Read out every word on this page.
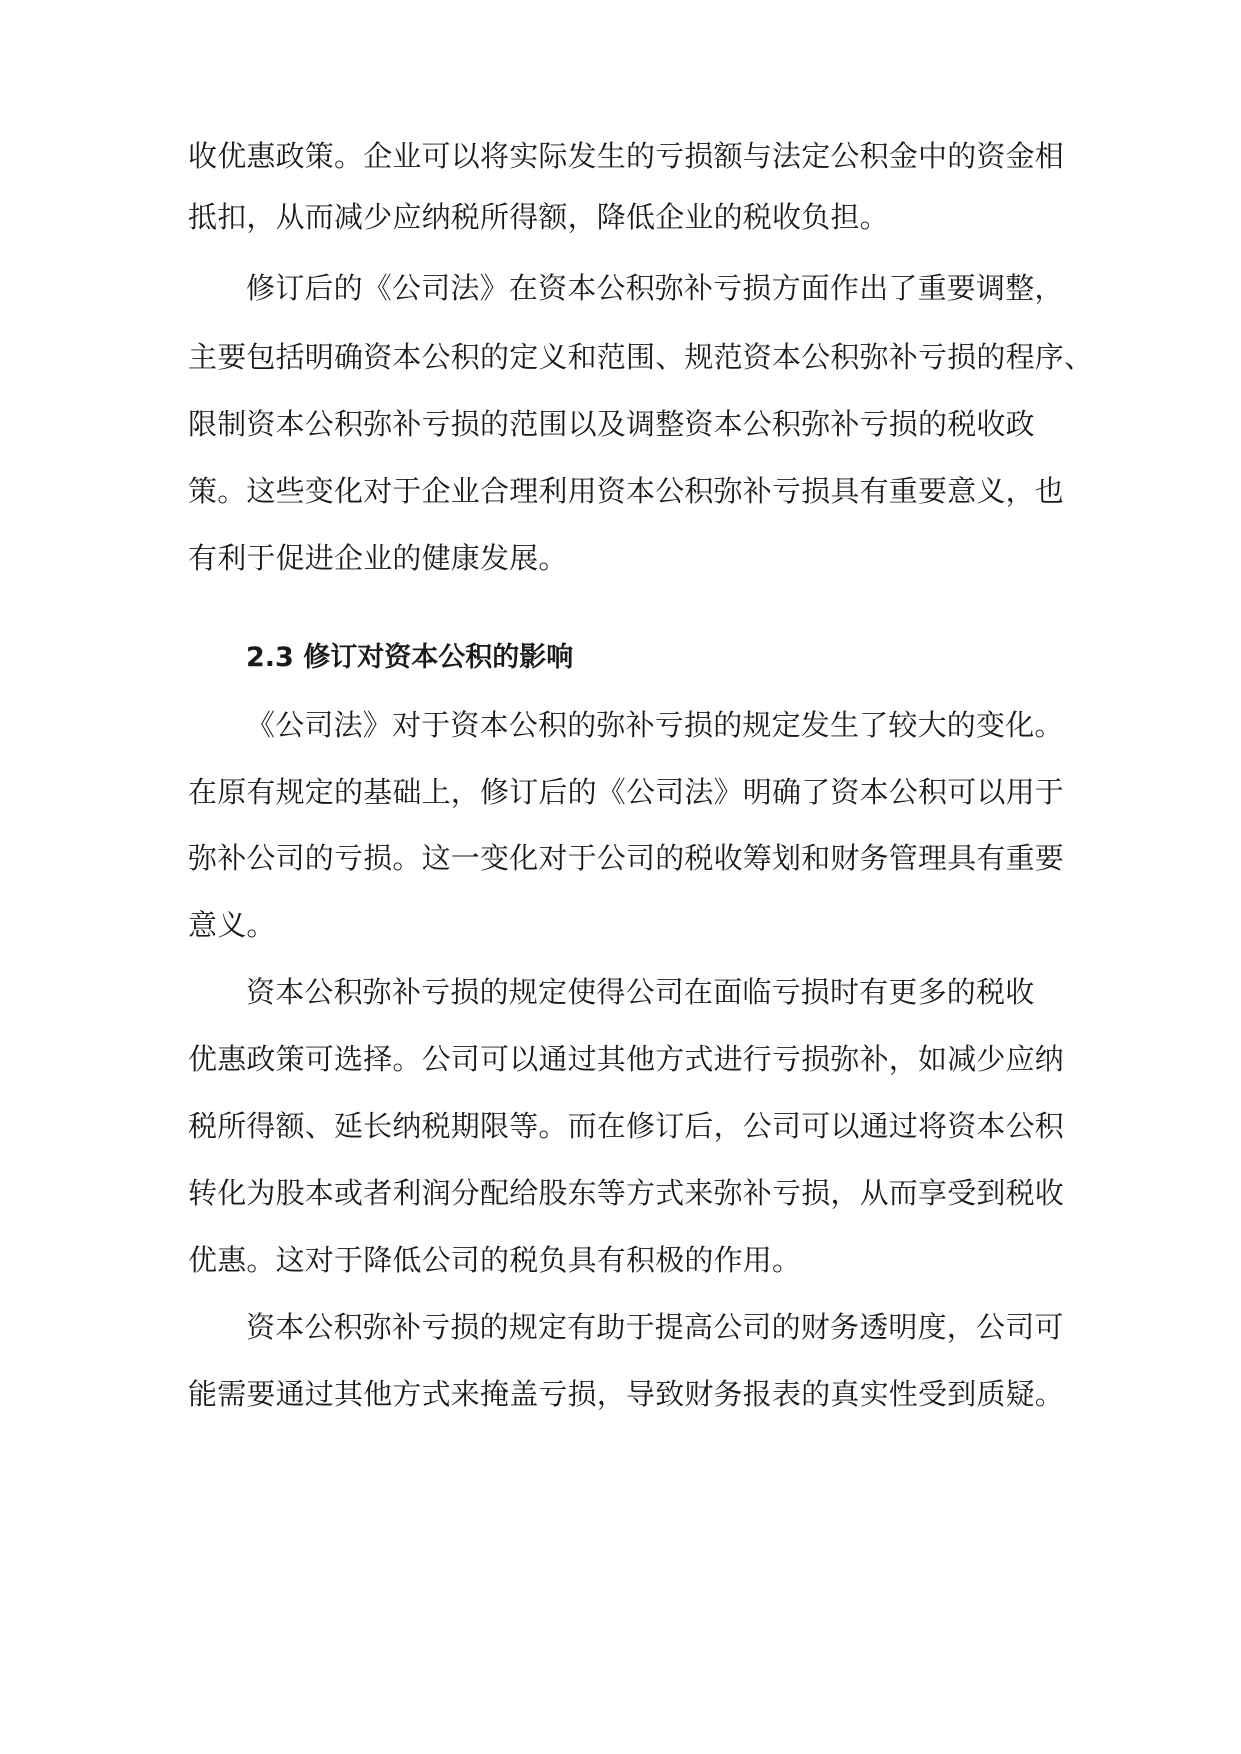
收优惠政策。企业可以将实际发生的亏损额与法定公积金中的资金相
抵扣，从而减少应纳税所得额，降低企业的税收负担。
修订后的《公司法》在资本公积弥补亏损方面作出了重要调整，
主要包括明确资本公积的定义和范围、规范资本公积弥补亏损的程序、
限制资本公积弥补亏损的范围以及调整资本公积弥补亏损的税收政
策。这些变化对于企业合理利用资本公积弥补亏损具有重要意义，也
有利于促进企业的健康发展。
2.3 修订对资本公积的影响
《公司法》对于资本公积的弥补亏损的规定发生了较大的变化。
在原有规定的基础上，修订后的《公司法》明确了资本公积可以用于
弥补公司的亏损。这一变化对于公司的税收筹划和财务管理具有重要
意义。
资本公积弥补亏损的规定使得公司在面临亏损时有更多的税收
优惠政策可选择。公司可以通过其他方式进行亏损弥补，如减少应纳
税所得额、延长纳税期限等。而在修订后，公司可以通过将资本公积
转化为股本或者利润分配给股东等方式来弥补亏损，从而享受到税收
优惠。这对于降低公司的税负具有积极的作用。
资本公积弥补亏损的规定有助于提高公司的财务透明度，公司可
能需要通过其他方式来掩盖亏损，导致财务报表的真实性受到质疑。
